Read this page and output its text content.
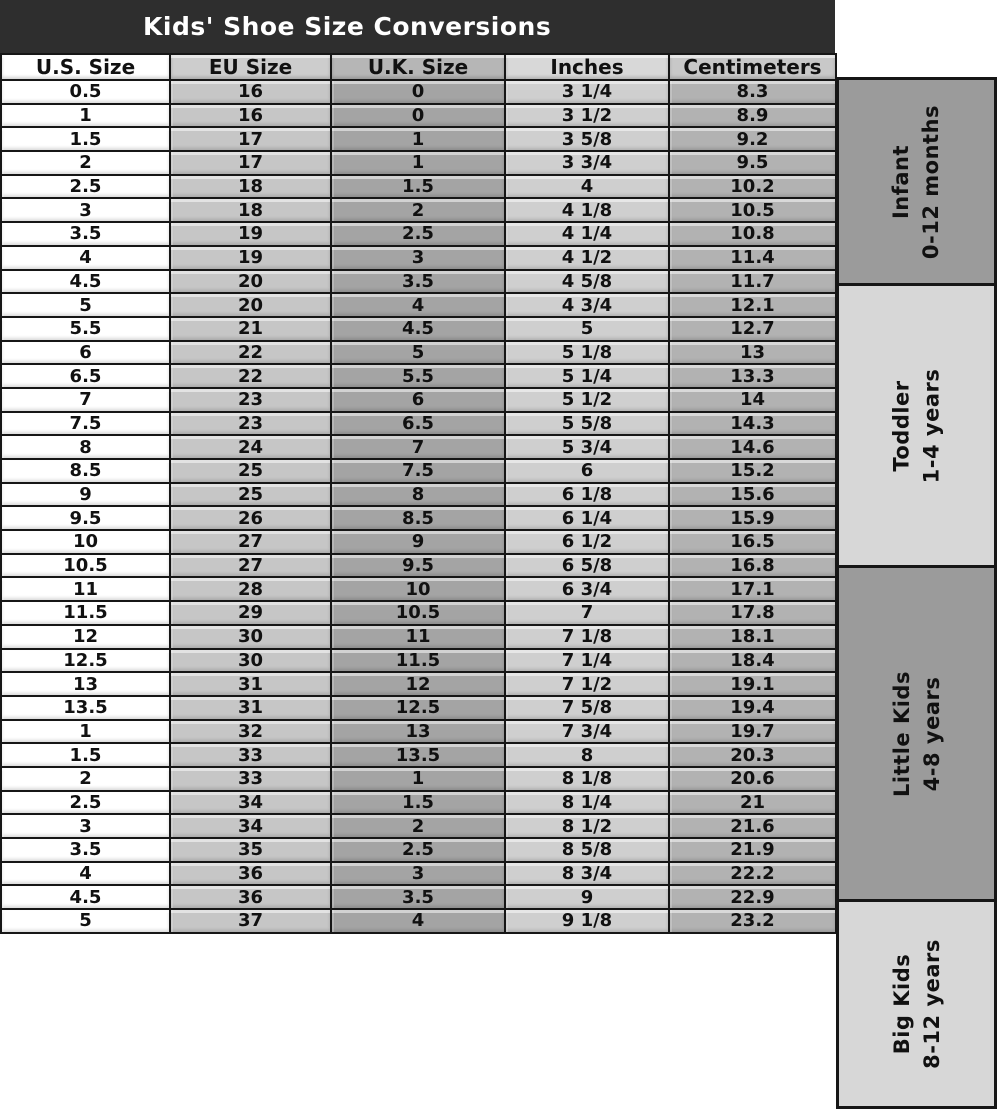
Kids' Shoe Size Conversions
U.S. Size	EU Size	U.K. Size	Inches	Centimeters
0.5	16	0	3 1/4	8.3
1	16	0	3 1/2	8.9
1.5	17	1	3 5/8	9.2
2	17	1	3 3/4	9.5
2.5	18	1.5	4	10.2
3	18	2	4 1/8	10.5
3.5	19	2.5	4 1/4	10.8
4	19	3	4 1/2	11.4
4.5	20	3.5	4 5/8	11.7
5	20	4	4 3/4	12.1
5.5	21	4.5	5	12.7
6	22	5	5 1/8	13
6.5	22	5.5	5 1/4	13.3
7	23	6	5 1/2	14
7.5	23	6.5	5 5/8	14.3
8	24	7	5 3/4	14.6
8.5	25	7.5	6	15.2
9	25	8	6 1/8	15.6
9.5	26	8.5	6 1/4	15.9
10	27	9	6 1/2	16.5
10.5	27	9.5	6 5/8	16.8
11	28	10	6 3/4	17.1
11.5	29	10.5	7	17.8
12	30	11	7 1/8	18.1
12.5	30	11.5	7 1/4	18.4
13	31	12	7 1/2	19.1
13.5	31	12.5	7 5/8	19.4
1	32	13	7 3/4	19.7
1.5	33	13.5	8	20.3
2	33	1	8 1/8	20.6
2.5	34	1.5	8 1/4	21
3	34	2	8 1/2	21.6
3.5	35	2.5	8 5/8	21.9
4	36	3	8 3/4	22.2
4.5	36	3.5	9	22.9
5	37	4	9 1/8	23.2
Infant 0-12 months
Toddler 1-4 years
Little Kids 4-8 years
Big Kids 8-12 years
